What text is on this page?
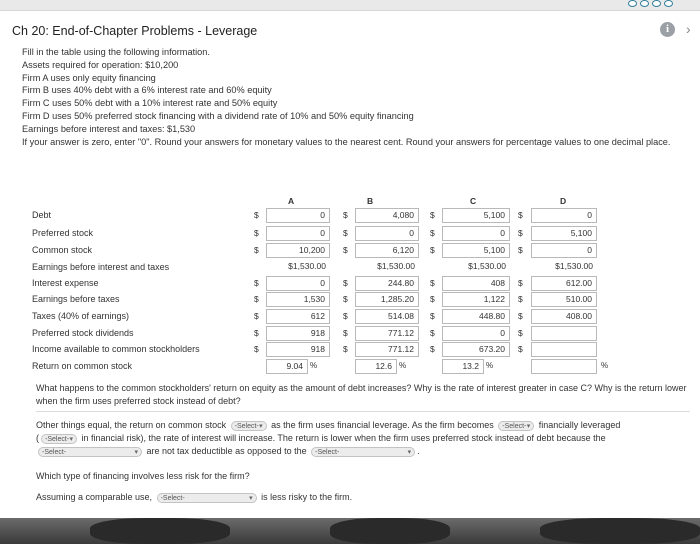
Ch 20: End-of-Chapter Problems - Leverage	i	›
Fill in the table using the following information.
Assets required for operation: $10,200
Firm A uses only equity financing
Firm B uses 40% debt with a 6% interest rate and 60% equity
Firm C uses 50% debt with a 10% interest rate and 50% equity
Firm D uses 50% preferred stock financing with a dividend rate of 10% and 50% equity financing
Earnings before interest and taxes: $1,530
If your answer is zero, enter "0". Round your answers for monetary values to the nearest cent. Round your answers for percentage values to one decimal place.
A	B	C	D
Debt	$	0	$	4,080	$	5,100	$	0
Preferred stock	$	0	$	0	$	0	$	5,100
Common stock	$	10,200	$	6,120	$	5,100	$	0
Earnings before interest and taxes	$1,530.00	$1,530.00	$1,530.00	$1,530.00
Interest expense	$	0	$	244.80	$	408	$	612.00
Earnings before taxes	$	1,530	$	1,285.20	$	1,122	$	510.00
Taxes (40% of earnings)	$	612	$	514.08	$	448.80	$	408.00
Preferred stock dividends	$	918	$	771.12	$	0	$
Income available to common stockholders	$	918	$	771.12	$	673.20	$
Return on common stock	9.04 %	12.6 %	13.2 %	%
What happens to the common stockholders' return on equity as the amount of debt increases? Why is the rate of interest greater in case C? Why is the return lower when the firm uses preferred stock instead of debt?
Other things equal, the return on common stock -Select- ▾ as the firm uses financial leverage. As the firm becomes -Select- ▾ financially leveraged
( -Select- ▾ in financial risk), the rate of interest will increase. The return is lower when the firm uses preferred stock instead of debt because the
-Select-	▾ are not tax deductible as opposed to the -Select-	▾ .
Which type of financing involves less risk for the firm?
Assuming a comparable use, -Select-	▾ is less risky to the firm.
